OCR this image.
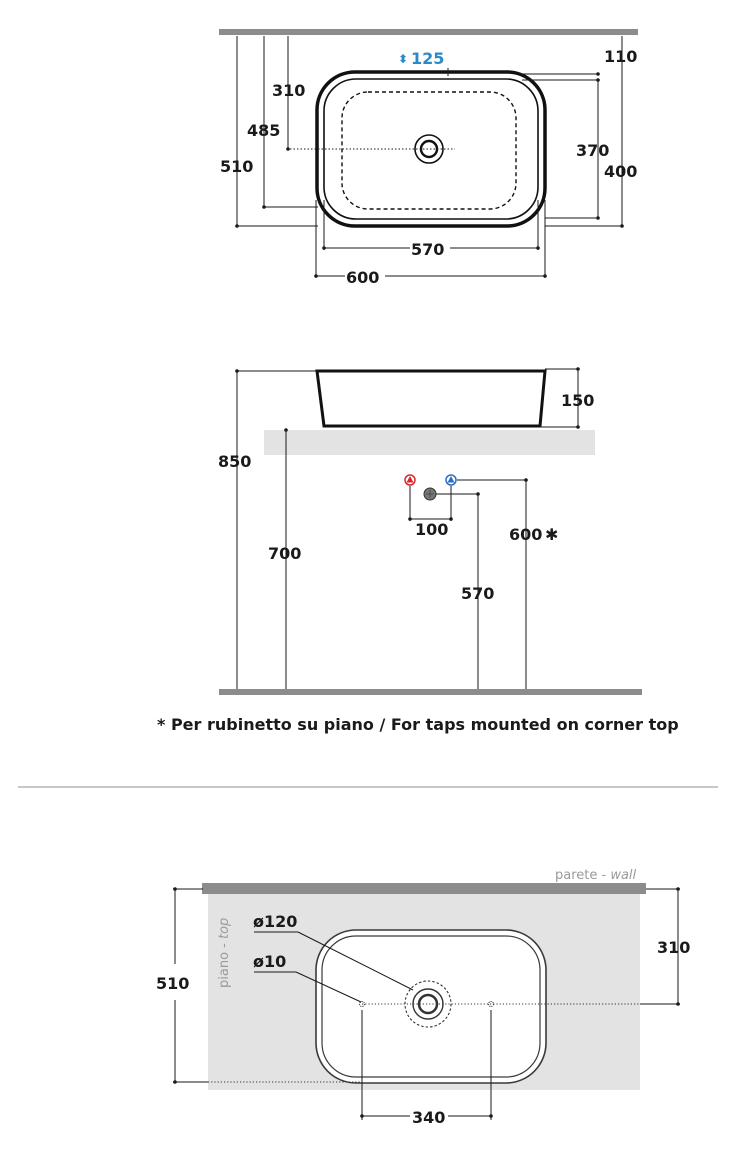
⬍ 125	110
310
485
510
370
400
570
600
150
850
700
100
570
600 ✱
* Per rubinetto su piano / For taps mounted on corner top
parete - wall
piano - top ø120
ø10
510
310
340
